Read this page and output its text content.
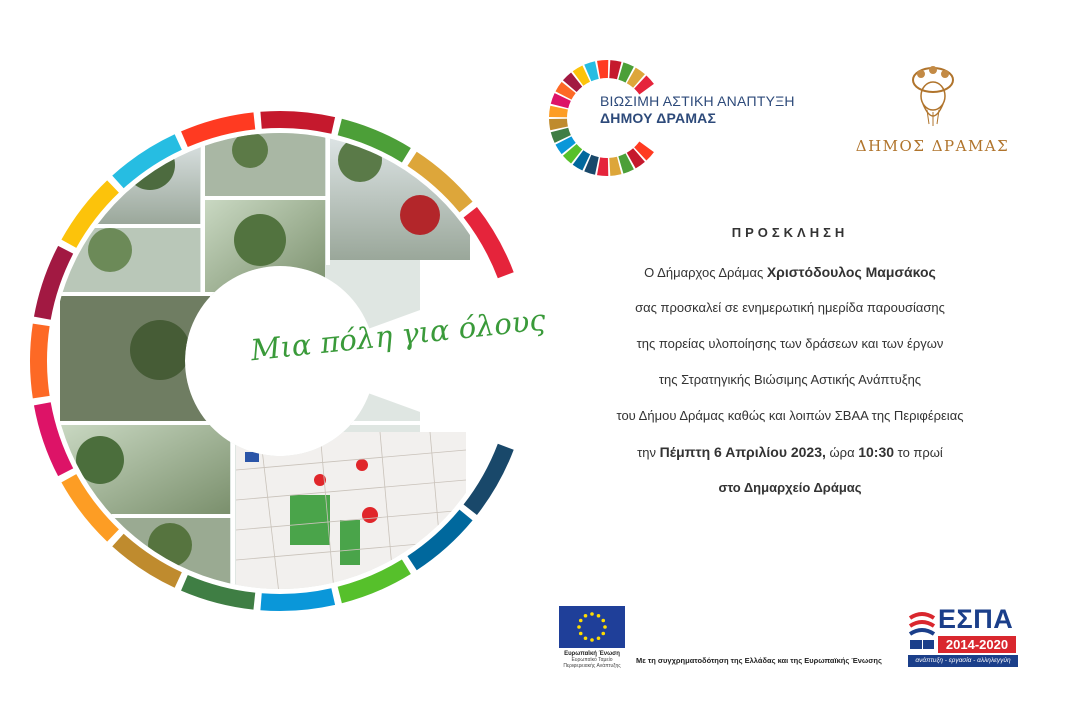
Μια πόλη για όλους
ΒΙΩΣΙΜΗ ΑΣΤΙΚΗ ΑΝΑΠΤΥΞΗ
ΔΗΜΟΥ ΔΡΑΜΑΣ
ΔΗΜΟΣ ΔΡΑΜΑΣ
ΠΡΟΣΚΛΗΣΗ
Ο Δήμαρχος Δράμας Χριστόδουλος Μαμσάκος
σας προσκαλεί σε ενημερωτική ημερίδα παρουσίασης
της πορείας υλοποίησης των δράσεων και των έργων
της Στρατηγικής Βιώσιμης Αστικής Ανάπτυξης
του Δήμου Δράμας καθώς και λοιπών ΣΒΑΑ της Περιφέρειας
την Πέμπτη 6 Απριλίου 2023, ώρα 10:30 το πρωί
στο Δημαρχείο Δράμας
Ευρωπαϊκή Ένωση
Ευρωπαϊκό Ταμείο
Περιφερειακής Ανάπτυξης
Με τη συγχρηματοδότηση της Ελλάδας και της Ευρωπαϊκής Ένωσης
ΕΣΠΑ
2014-2020
ανάπτυξη - εργασία - αλληλεγγύη
